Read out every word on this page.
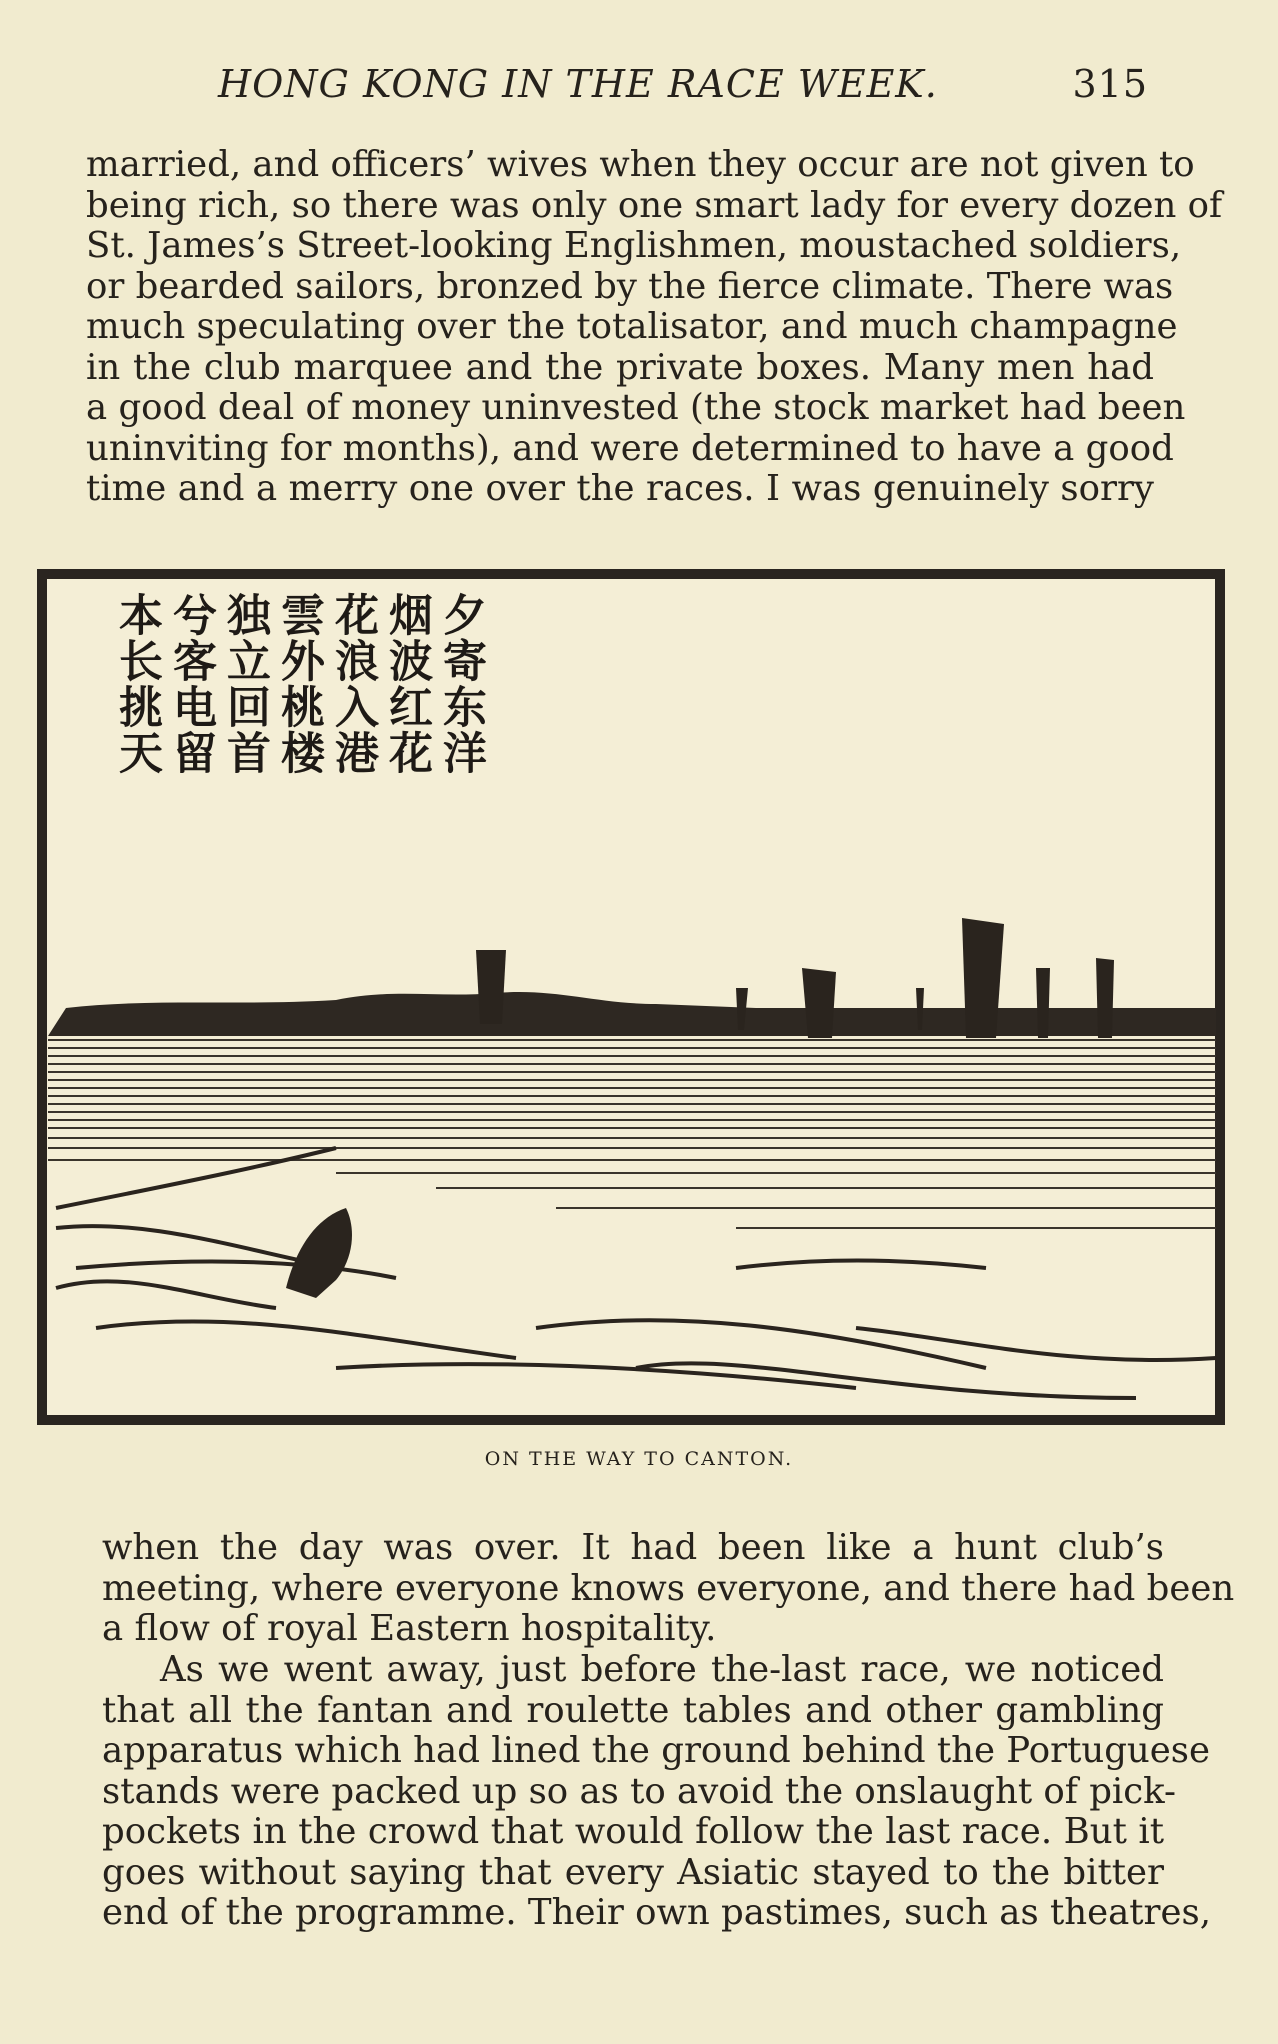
HONG KONG IN THE RACE WEEK.	315
married, and officers’ wives when they occur are not given to
being rich, so there was only one smart lady for every dozen of
St. James’s Street-looking Englishmen, moustached soldiers,
or bearded sailors, bronzed by the fierce climate. There was
much speculating over the totalisator, and much champagne
in the club marquee and the private boxes. Many men had
a good deal of money uninvested (the stock market had been
uninviting for months), and were determined to have a good
time and a merry one over the races. I was genuinely sorry
夕寄东洋
烟波红花
花浪入港
雲外桃楼
独立回首
兮客电留
本长挑天
ON THE WAY TO CANTON.
when the day was over. It had been like a hunt club’s
meeting, where everyone knows everyone, and there had been
a flow of royal Eastern hospitality.
As we went away, just before the-last race, we noticed
that all the fantan and roulette tables and other gambling
apparatus which had lined the ground behind the Portuguese
stands were packed up so as to avoid the onslaught of pick-
pockets in the crowd that would follow the last race. But it
goes without saying that every Asiatic stayed to the bitter
end of the programme. Their own pastimes, such as theatres,
